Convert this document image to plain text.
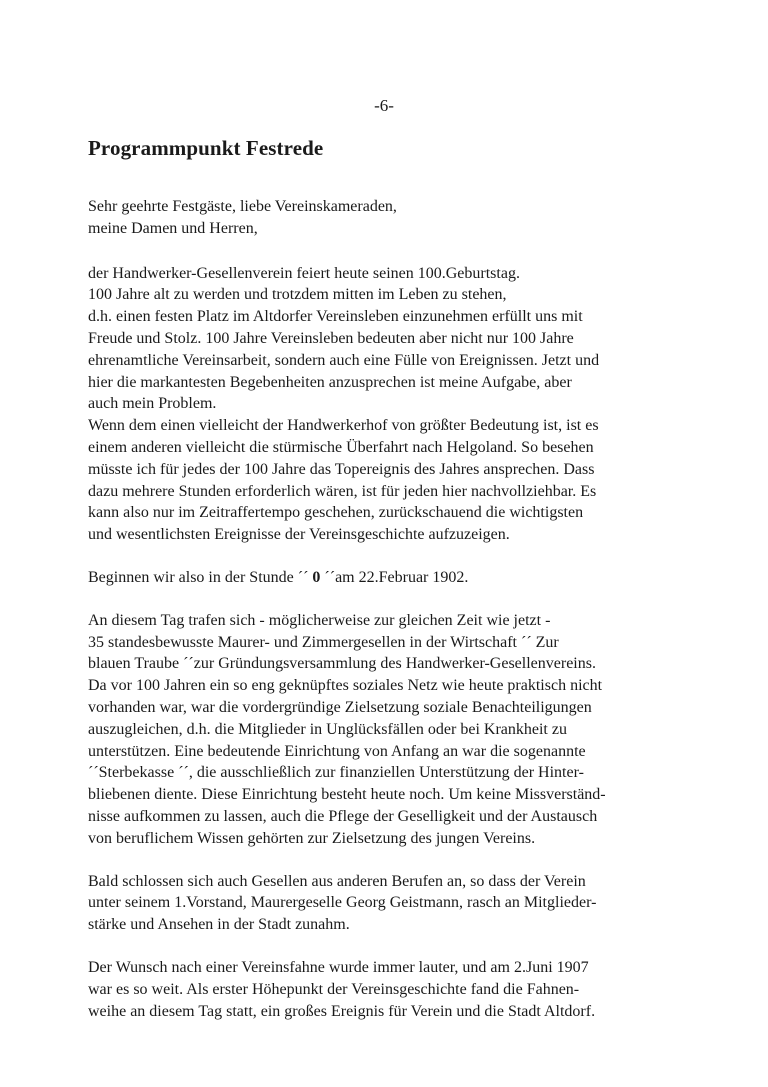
-6-
Programmpunkt Festrede

Sehr geehrte Festgäste, liebe Vereinskameraden,
meine Damen und Herren,

der Handwerker-Gesellenverein feiert heute seinen 100.Geburtstag.
100 Jahre alt zu werden und trotzdem mitten im Leben zu stehen,
d.h. einen festen Platz im Altdorfer Vereinsleben einzunehmen erfüllt uns mit
Freude und Stolz. 100 Jahre Vereinsleben bedeuten aber nicht nur 100 Jahre
ehrenamtliche Vereinsarbeit, sondern auch eine Fülle von Ereignissen. Jetzt und
hier die markantesten Begebenheiten anzusprechen ist meine Aufgabe, aber
auch mein Problem.
Wenn dem einen vielleicht der Handwerkerhof von größter Bedeutung ist, ist es
einem anderen vielleicht die stürmische Überfahrt nach Helgoland. So besehen
müsste ich für jedes der 100 Jahre das Topereignis des Jahres ansprechen. Dass
dazu mehrere Stunden erforderlich wären, ist für jeden hier nachvollziehbar. Es
kann also nur im Zeitraffertempo geschehen, zurückschauend die wichtigsten
und wesentlichsten Ereignisse der Vereinsgeschichte aufzuzeigen.

Beginnen wir also in der Stunde ´´ 0 ´´am 22.Februar 1902.

An diesem Tag trafen sich - möglicherweise zur gleichen Zeit wie jetzt -
35 standesbewusste Maurer- und Zimmergesellen in der Wirtschaft ´´ Zur
blauen Traube ´´zur Gründungsversammlung des Handwerker-Gesellenvereins.
Da vor 100 Jahren ein so eng geknüpftes soziales Netz wie heute praktisch nicht
vorhanden war, war die vordergründige Zielsetzung soziale Benachteiligungen
auszugleichen, d.h. die Mitglieder in Unglücksfällen oder bei Krankheit zu
unterstützen. Eine bedeutende Einrichtung von Anfang an war die sogenannte
´´Sterbekasse ´´, die ausschließlich zur finanziellen Unterstützung der Hinter-
bliebenen diente. Diese Einrichtung besteht heute noch. Um keine Missverständ-
nisse aufkommen zu lassen, auch die Pflege der Geselligkeit und der Austausch
von beruflichem Wissen gehörten zur Zielsetzung des jungen Vereins.

Bald schlossen sich auch Gesellen aus anderen Berufen an, so dass der Verein
unter seinem 1.Vorstand, Maurergeselle Georg Geistmann, rasch an Mitglieder-
stärke und Ansehen in der Stadt zunahm.

Der Wunsch nach einer Vereinsfahne wurde immer lauter, und am 2.Juni 1907
war es so weit. Als erster Höhepunkt der Vereinsgeschichte fand die Fahnen-
weihe an diesem Tag statt, ein großes Ereignis für Verein und die Stadt Altdorf.
